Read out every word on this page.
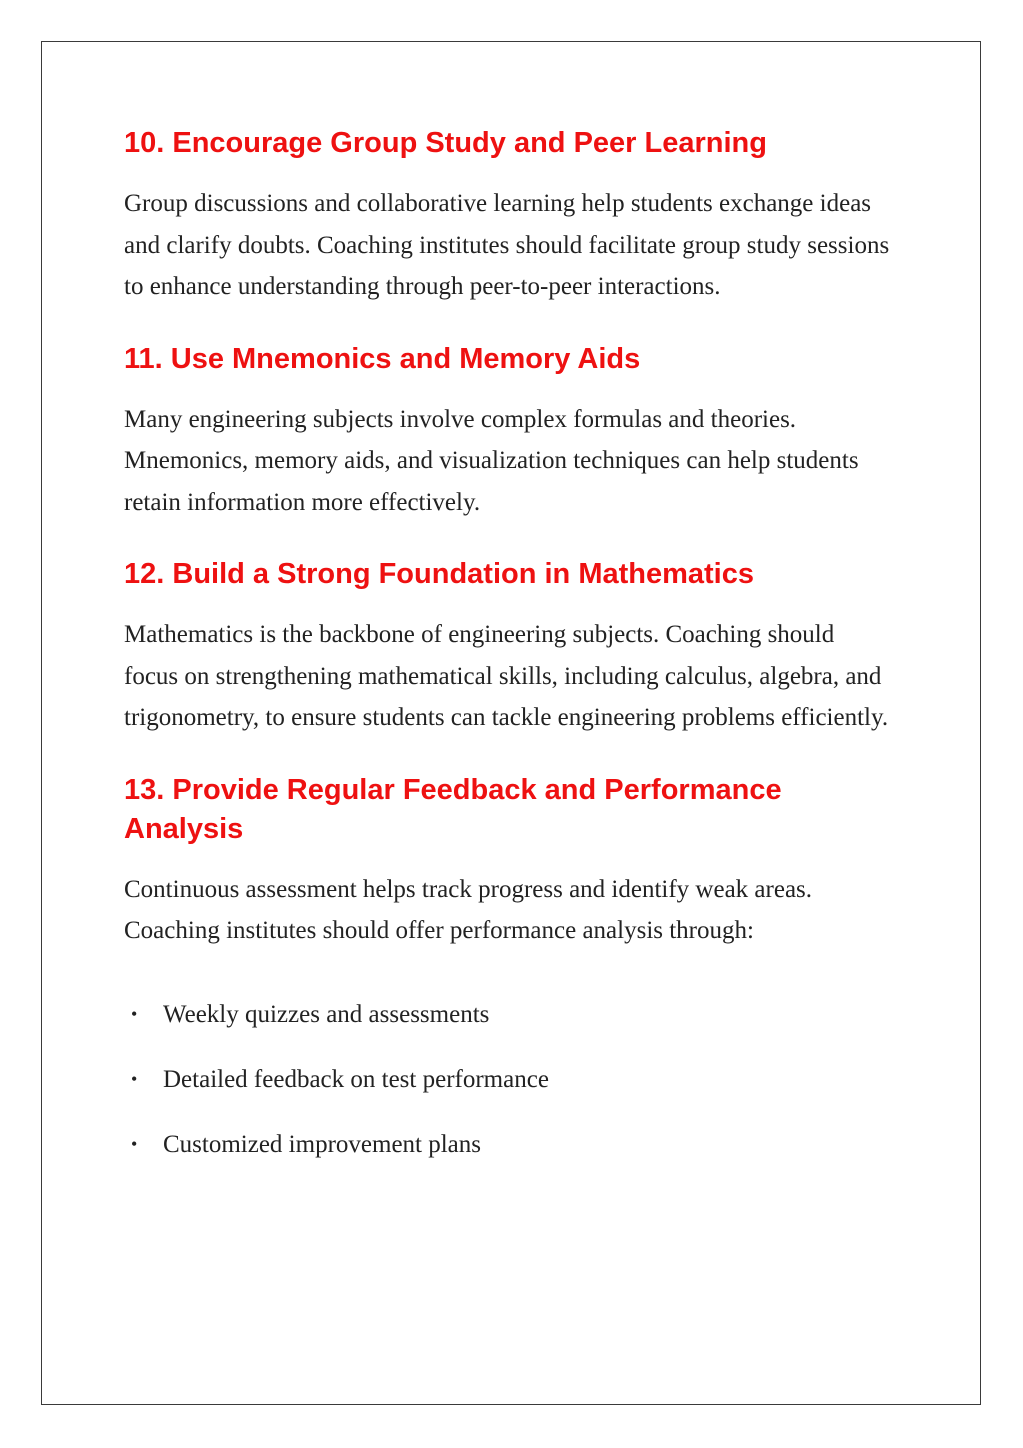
10. Encourage Group Study and Peer Learning

Group discussions and collaborative learning help students exchange ideas and clarify doubts. Coaching institutes should facilitate group study sessions to enhance understanding through peer-to-peer interactions.

11. Use Mnemonics and Memory Aids

Many engineering subjects involve complex formulas and theories. Mnemonics, memory aids, and visualization techniques can help students retain information more effectively.

12. Build a Strong Foundation in Mathematics

Mathematics is the backbone of engineering subjects. Coaching should focus on strengthening mathematical skills, including calculus, algebra, and trigonometry, to ensure students can tackle engineering problems efficiently.

13. Provide Regular Feedback and Performance Analysis

Continuous assessment helps track progress and identify weak areas. Coaching institutes should offer performance analysis through:

• Weekly quizzes and assessments
• Detailed feedback on test performance
• Customized improvement plans
